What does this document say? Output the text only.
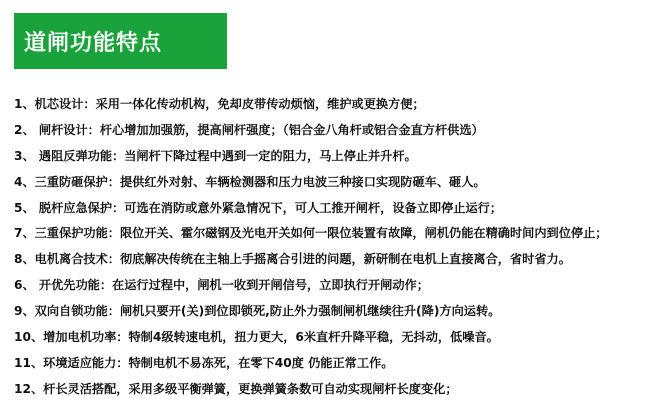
道闸功能特点
1、机芯设计：采用一体化传动机构，免却皮带传动烦恼，维护或更换方便；
2、 闸杆设计：杆心增加加强筋，提高闸杆强度；（铝合金八角杆或铝合金直方杆供选）
3、 遇阻反弹功能：当闸杆下降过程中遇到一定的阻力，马上停止并升杆。
4、三重防砸保护：提供红外对射、车辆检测器和压力电波三种接口实现防砸车、砸人。
5、 脱杆应急保护：可选在消防或意外紧急情况下，可人工推开闸杆，设备立即停止运行；
7、三重保护功能：限位开关、霍尔磁钢及光电开关如何一限位装置有故障，闸机仍能在精确时间内到位停止；
8、电机离合技术：彻底解决传统在主轴上手摇离合引进的问题，新研制在电机上直接离合，省时省力。
6、 开优先功能：在运行过程中，闸机一收到开闸信号，立即执行开闸动作；
9、双向自锁功能：闸机只要开(关)到位即锁死,防止外力强制闸机继续往升(降)方向运转。
10、增加电机功率：特制4级转速电机，扭力更大，6米直杆升降平稳，无抖动，低噪音。
11、环境适应能力：特制电机不易冻死，在零下40度 仍能正常工作。
12、杆长灵活搭配，采用多级平衡弹簧，更换弹簧条数可自动实现闸杆长度变化；
